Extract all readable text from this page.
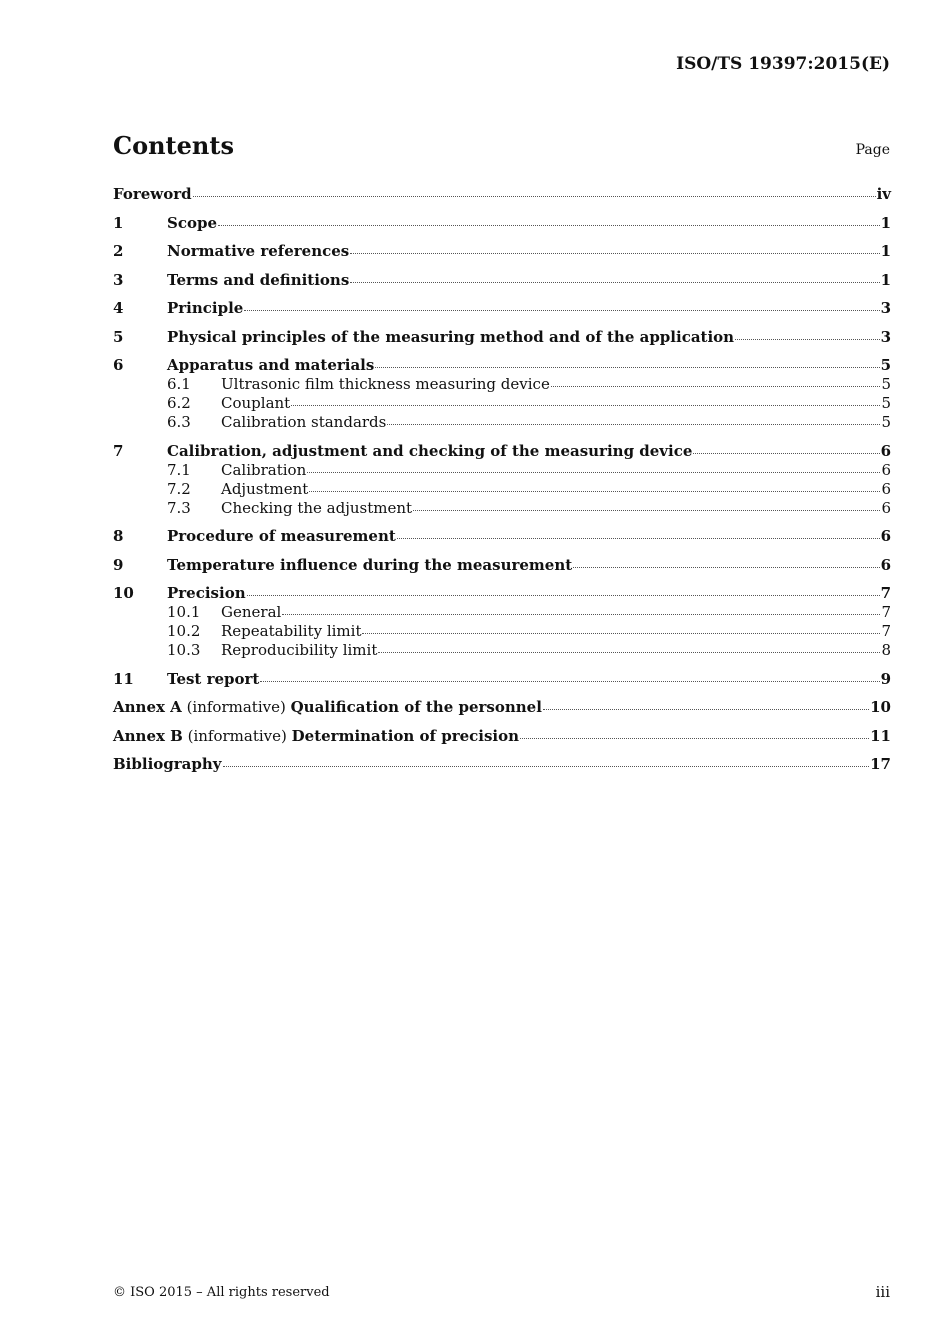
ISO/TS 19397:2015(E)
Contents	Page
Foreword	iv
1	Scope	1
2	Normative references	1
3	Terms and definitions	1
4	Principle	3
5	Physical principles of the measuring method and of the application	3
6	Apparatus and materials	5
6.1	Ultrasonic film thickness measuring device	5
6.2	Couplant	5
6.3	Calibration standards	5
7	Calibration, adjustment and checking of the measuring device	6
7.1	Calibration	6
7.2	Adjustment	6
7.3	Checking the adjustment	6
8	Procedure of measurement	6
9	Temperature influence during the measurement	6
10	Precision	7
10.1	General	7
10.2	Repeatability limit	7
10.3	Reproducibility limit	8
11	Test report	9
Annex A (informative) Qualification of the personnel	10
Annex B (informative) Determination of precision	11
Bibliography	17
© ISO 2015 – All rights reserved	iii
